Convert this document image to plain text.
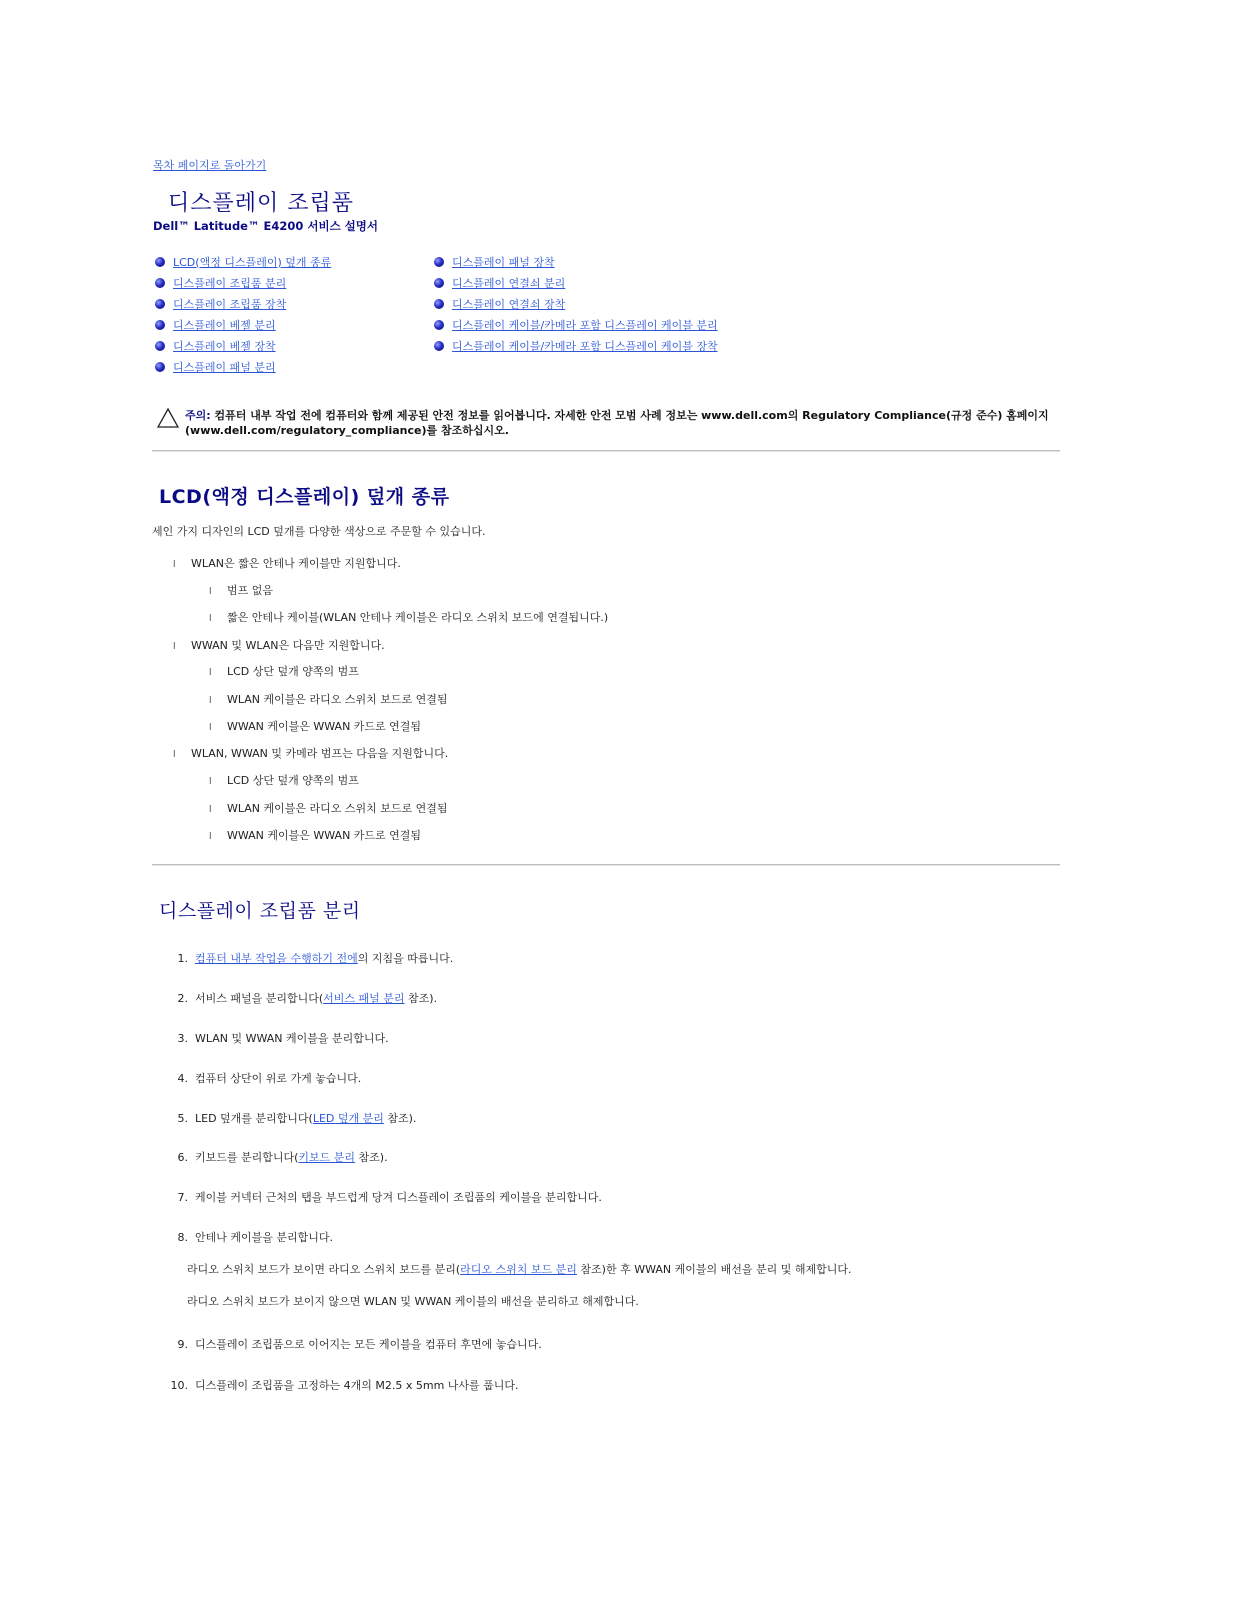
목차 페이지로 돌아가기
디스플레이 조립품
Dell™ Latitude™ E4200 서비스 설명서
LCD(액정 디스플레이) 덮개 종류
디스플레이 조립품 분리
디스플레이 조립품 장착
디스플레이 베젤 분리
디스플레이 베젤 장착
디스플레이 패널 분리
디스플레이 패널 장착
디스플레이 연결쇠 분리
디스플레이 연결쇠 장착
디스플레이 케이블/카메라 포함 디스플레이 케이블 분리
디스플레이 케이블/카메라 포함 디스플레이 케이블 장착
주의: 컴퓨터 내부 작업 전에 컴퓨터와 함께 제공된 안전 정보를 읽어봅니다. 자세한 안전 모범 사례 정보는 www.dell.com의 Regulatory Compliance(규정 준수) 홈페이지(www.dell.com/regulatory_compliance)를 참조하십시오.
LCD(액정 디스플레이) 덮개 종류
세인 가지 디자인의 LCD 덮개를 다양한 색상으로 주문할 수 있습니다.
l WLAN은 짧은 안테나 케이블만 지원합니다.
l 범프 없음
l 짧은 안테나 케이블(WLAN 안테나 케이블은 라디오 스위치 보드에 연결됩니다.)
l WWAN 및 WLAN은 다음만 지원합니다.
l LCD 상단 덮개 양쪽의 범프
l WLAN 케이블은 라디오 스위치 보드로 연결됨
l WWAN 케이블은 WWAN 카드로 연결됨
l WLAN, WWAN 및 카메라 범프는 다음을 지원합니다.
l LCD 상단 덮개 양쪽의 범프
l WLAN 케이블은 라디오 스위치 보드로 연결됨
l WWAN 케이블은 WWAN 카드로 연결됨
디스플레이 조립품 분리
1. 컴퓨터 내부 작업을 수행하기 전에의 지침을 따릅니다.
2. 서비스 패널을 분리합니다(서비스 패널 분리 참조).
3. WLAN 및 WWAN 케이블을 분리합니다.
4. 컴퓨터 상단이 위로 가게 놓습니다.
5. LED 덮개를 분리합니다(LED 덮개 분리 참조).
6. 키보드를 분리합니다(키보드 분리 참조).
7. 케이블 커넥터 근처의 탭을 부드럽게 당겨 디스플레이 조립품의 케이블을 분리합니다.
8. 안테나 케이블을 분리합니다.
라디오 스위치 보드가 보이면 라디오 스위치 보드를 분리(라디오 스위치 보드 분리 참조)한 후 WWAN 케이블의 배선을 분리 및 해제합니다.
라디오 스위치 보드가 보이지 않으면 WLAN 및 WWAN 케이블의 배선을 분리하고 해제합니다.
9. 디스플레이 조립품으로 이어지는 모든 케이블을 컴퓨터 후면에 놓습니다.
10. 디스플레이 조립품을 고정하는 4개의 M2.5 x 5mm 나사를 풉니다.
